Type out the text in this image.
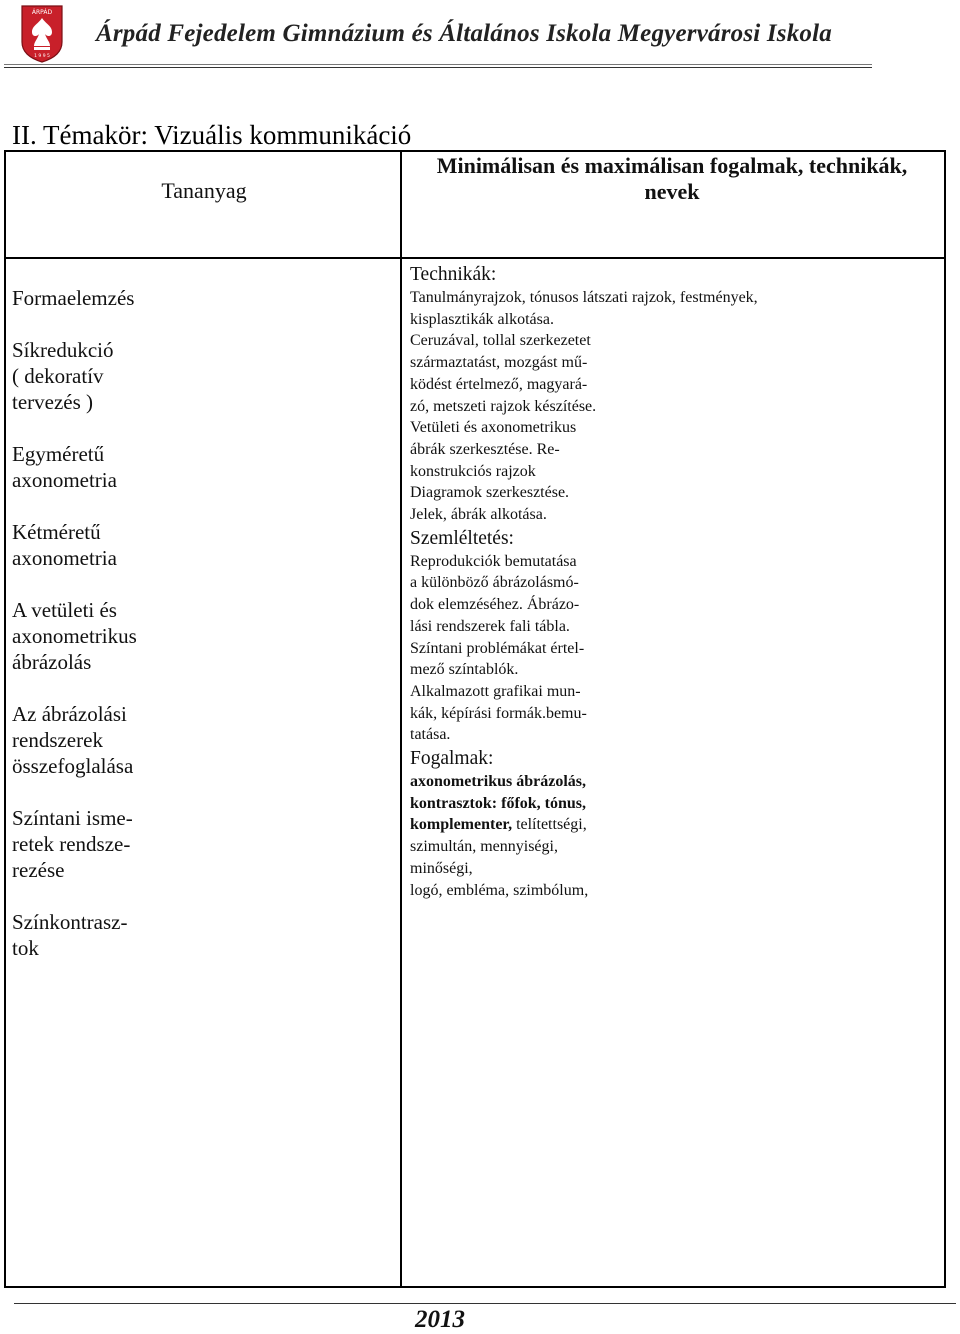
ÁRPÁD
1 9 9 5
Árpád Fejedelem Gimnázium és Általános Iskola Megyervárosi Iskola
II. Témakör: Vizuális kommunikáció
Tananyag
Minimálisan és maximálisan fogalmak, technikák,
nevek
Formaelemzés
Síkredukció
( dekoratív
tervezés )
Egyméretű
axonometria
Kétméretű
axonometria
A vetületi és
axonometrikus
ábrázolás
Az ábrázolási
rendszerek
összefoglalása
Színtani isme-
retek rendsze-
rezése
Színkontrasz-
tok
Technikák:
Tanulmányrajzok, tónusos látszati rajzok, festmények,
kisplasztikák alkotása.
Ceruzával, tollal szerkezetet
származtatást, mozgást mű-
ködést értelmező, magyará-
zó, metszeti rajzok készítése.
Vetületi és axonometrikus
ábrák szerkesztése. Re-
konstrukciós rajzok
Diagramok szerkesztése.
Jelek, ábrák alkotása.
Szemléltetés:
Reprodukciók bemutatása
a különböző ábrázolásmó-
dok elemzéséhez. Ábrázo-
lási rendszerek fali tábla.
Színtani problémákat értel-
mező színtablók.
Alkalmazott grafikai mun-
kák, képírási formák.bemu-
tatása.
Fogalmak:
axonometrikus ábrázolás,
kontrasztok: főfok, tónus,
komplementer, telítettségi,
szimultán, mennyiségi,
minőségi,
logó, embléma, szimbólum,
2013
